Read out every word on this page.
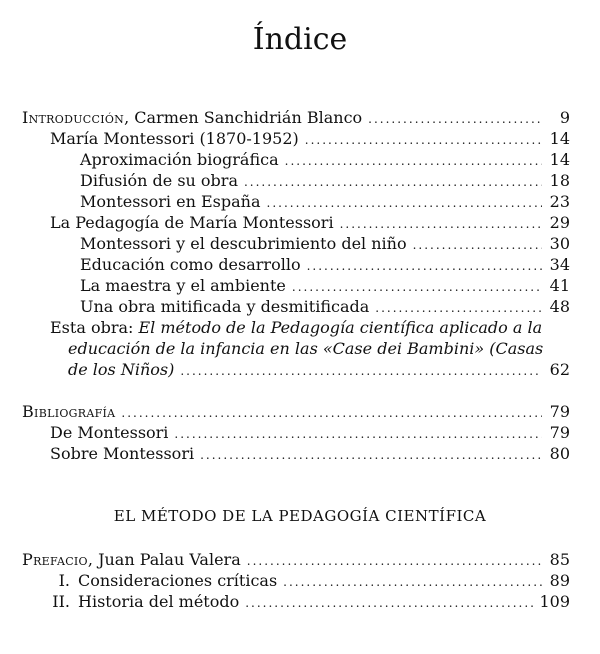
Índice
Introducción, Carmen Sanchidrián Blanco .....	9
María Montessori (1870-1952) .....	14
Aproximación biográfica .....	14
Difusión de su obra .....	18
Montessori en España .....	23
La Pedagogía de María Montessori .....	29
Montessori y el descubrimiento del niño .....	30
Educación como desarrollo .....	34
La maestra y el ambiente .....	41
Una obra mitificada y desmitificada .....	48
Esta obra: El método de la Pedagogía científica aplicado a la
educación de la infancia en las «Case dei Bambini» (Casas
de los Niños) .....	62
Bibliografía .....	79
De Montessori .....	79
Sobre Montessori .....	80
EL MÉTODO DE LA PEDAGOGÍA CIENTÍFICA
Prefacio, Juan Palau Valera .....	85
I. Consideraciones críticas .....	89
II. Historia del método .....	109
